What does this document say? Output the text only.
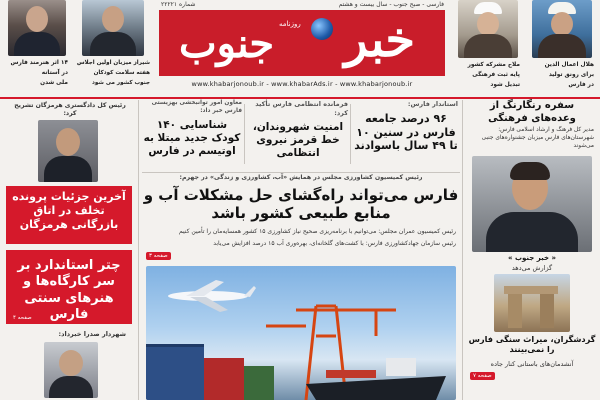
فارسی - صبح جنوب - سال بیست و هشتم
شماره ۲۲۲۲۱
خبر
جنوب روزنامه
www.khabarjonoub.ir - www.khabarAds.ir - www.khabarjonoub.ir
۱۴ اثر هنرمند فارس
در آستانه
ملی شدن
شیراز میزبان اولین اجلاس
هفته سلامت کودکان
جنوب کشور می شود
هلال اعمال الدین
برای رونق تولید
در فارس
ملاح مشرکه کشور
پایه ثبت فرهنگی
تبدیل شود
رئیس کل دادگستری هرمزگان تشریح کرد:
آخرین جزئیات پرونده تخلف در اتاق بازرگانی هرمزگان
چتر استاندارد بر سر کارگاه‌ها و هنرهای سنتی فارس
صفحه ۴
شهردار صدرا خبرداد:
استاندار فارس:
۹۶ درصد جامعه فارس در سنین ۱۰ تا ۴۹ سال باسوادند
فرمانده انتظامی فارس تأکید کرد:
امنیت شهروندان، خط قرمز نیروی انتظامی
معاون امور توانبخشی بهزیستی فارس خبر داد:
شناسایی ۱۴۰ کودک جدید مبتلا به اوتیسم در فارس
رئیس کمیسیون کشاورزی مجلس در همایش «آب، کشاورزی و زندگی» در جهرم:
فارس می‌تواند راه‌گشای حل مشکلات آب و منابع طبیعی کشور باشد
رئیس کمیسیون عمران مجلس: می‌توانیم با برنامه‌ریزی صحیح نیاز کشاورزی ۱۵ کشور همسایه‌مان را تأمین کنیم
رئیس سازمان جهادکشاورزی فارس: با کشت‌های گلخانه‌ای، بهره‌وری آب ۱۵ درصد افزایش می‌یابد
صفحه ۳
سفره رنگارنگ از وعده‌های فرهنگی
مدیر کل فرهنگ و ارشاد اسلامی فارس: شهرستان‌های فارس میزبان جشنواره‌های جنبی می‌شوند
« خبر جنوب »
گزارش می‌دهد
گردشگران، میراث سنگی فارس را نمی‌بینند
آنشدمان‌های باستانی کنار جاده
صفحه ۷
